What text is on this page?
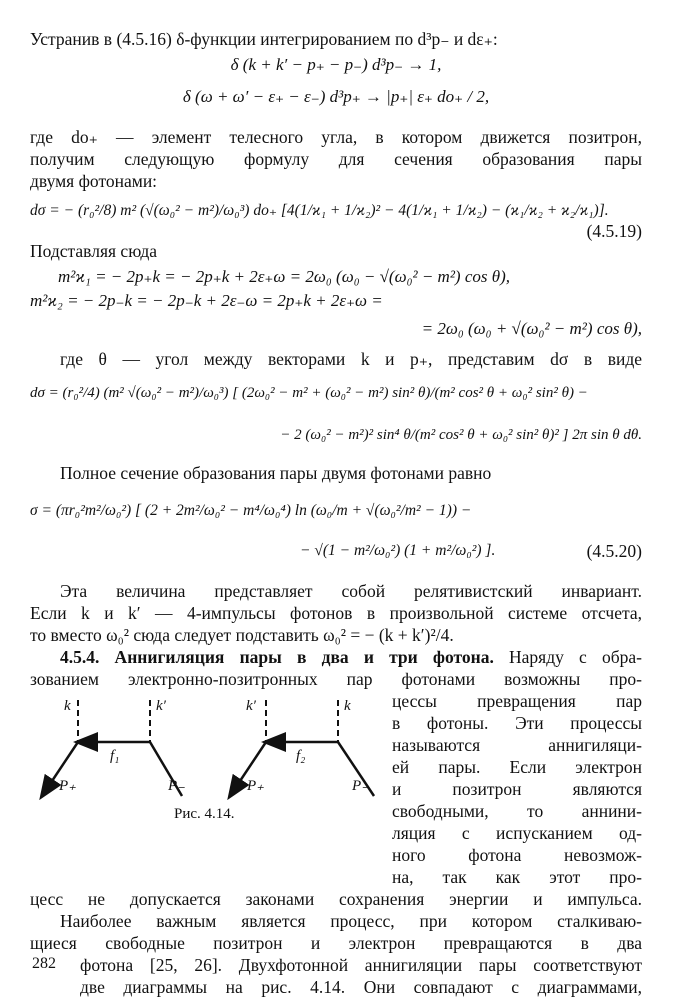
Устранив в (4.5.16) δ-функции интегрированием по d³p₋ и dε₊:
δ (k + k′ − p₊ − p₋) d³p₋ → 1,
δ (ω + ω′ − ε₊ − ε₋) d³p₊ → |p₊| ε₊ do₊ / 2,
где do₊ — элемент телесного угла, в котором движется позитрон,
получим следующую формулу для сечения образования пары
двумя фотонами:
dσ = − (r₀²/8) m² (√(ω₀² − m²)/ω₀³) do₊ [4(1/ϰ₁ + 1/ϰ₂)² − 4(1/ϰ₁ + 1/ϰ₂) − (ϰ₁/ϰ₂ + ϰ₂/ϰ₁)].
(4.5.19)
Подставляя сюда
m²ϰ₁ = − 2p₊k = − 2p₊k + 2ε₊ω = 2ω₀ (ω₀ − √(ω₀² − m²) cos θ),
m²ϰ₂ = − 2p₋k = − 2p₋k + 2ε₋ω = 2p₊k + 2ε₊ω =
= 2ω₀ (ω₀ + √(ω₀² − m²) cos θ),
где θ — угол между векторами k и p₊, представим dσ в виде
dσ = (r₀²/4) (m² √(ω₀² − m²)/ω₀³) [ (2ω₀² − m² + (ω₀² − m²) sin² θ)/(m² cos² θ + ω₀² sin² θ) −
− 2 (ω₀² − m²)² sin⁴ θ/(m² cos² θ + ω₀² sin² θ)² ] 2π sin θ dθ.
Полное сечение образования пары двумя фотонами равно
σ = (πr₀²m²/ω₀²) [ (2 + 2m²/ω₀² − m⁴/ω₀⁴) ln (ω₀/m + √(ω₀²/m² − 1)) −
− √(1 − m²/ω₀²) (1 + m²/ω₀²) ].	(4.5.20)
Эта величина представляет собой релятивистский инвариант.
Если k и k′ — 4-импульсы фотонов в произвольной системе отсчета,
то вместо ω₀² сюда следует подставить ω₀² = − (k + k′)²/4.
4.5.4. Аннигиляция пары в два и три фотона. Наряду с обра-
зованием электронно-позитронных пар фотонами возможны про-
цессы превращения пар
в фотоны. Эти процессы
называются аннигиляци-
ей пары. Если электрон
и позитрон являются
свободными, то аннини-
ляция с испусканием од-
ного фотона невозмож-
на, так как этот про-
k	k′
f₁
-P₊	P₋
k′	k
f₂
-P₊	P₋
Рис. 4.14.
цесс не допускается законами сохранения энергии и импульса.
Наиболее важным является процесс, при котором сталкиваю-
щиеся свободные позитрон и электрон превращаются в два
фотона [25, 26]. Двухфотонной аннигиляции пары соответствуют
две диаграммы на рис. 4.14. Они совпадают с диаграммами,
282
